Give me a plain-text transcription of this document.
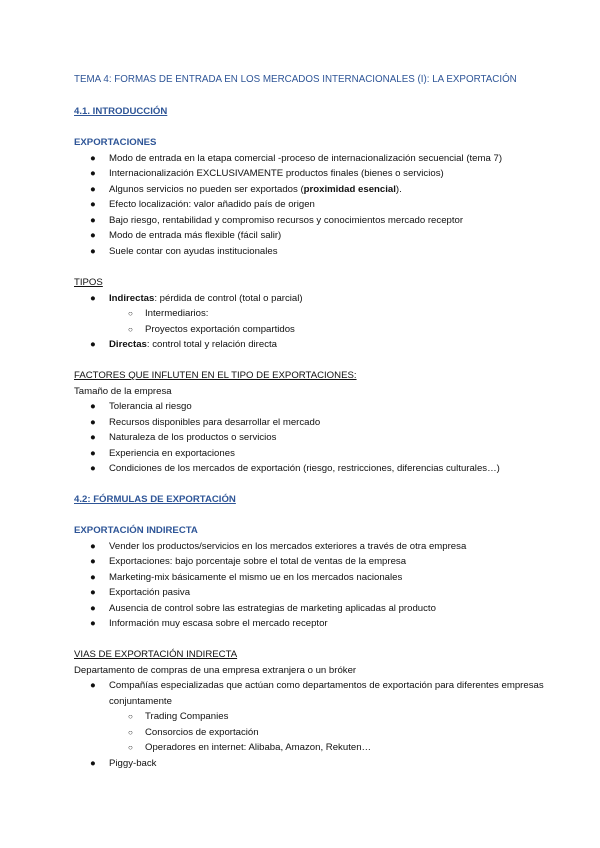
TEMA 4: FORMAS DE ENTRADA EN LOS MERCADOS INTERNACIONALES (I): LA EXPORTACIÓN
4.1. INTRODUCCIÓN

EXPORTACIONES

● Modo de entrada en la etapa comercial -proceso de internacionalización secuencial (tema 7)
● Internacionalización EXCLUSIVAMENTE productos finales (bienes o servicios)
● Algunos servicios no pueden ser exportados (proximidad esencial).
● Efecto localización: valor añadido país de origen
● Bajo riesgo, rentabilidad y compromiso recursos y conocimientos mercado receptor
● Modo de entrada más flexible (fácil salir)
● Suele contar con ayudas institucionales

TIPOS

● Indirectas: pérdida de control (total o parcial)
○ Intermediarios:
○ Proyectos exportación compartidos
● Directas: control total y relación directa

FACTORES QUE INFLUTEN EN EL TIPO DE EXPORTACIONES:

Tamaño de la empresa

● Tolerancia al riesgo
● Recursos disponibles para desarrollar el mercado
● Naturaleza de los productos o servicios
● Experiencia en exportaciones
● Condiciones de los mercados de exportación (riesgo, restricciones, diferencias culturales…)
4.2: FÓRMULAS DE EXPORTACIÓN

EXPORTACIÓN INDIRECTA

● Vender los productos/servicios en los mercados exteriores a través de otra empresa
● Exportaciones: bajo porcentaje sobre el total de ventas de la empresa
● Marketing-mix básicamente el mismo ue en los mercados nacionales
● Exportación pasiva
● Ausencia de control sobre las estrategias de marketing aplicadas al producto
● Información muy escasa sobre el mercado receptor

VIAS DE EXPORTACIÓN INDIRECTA

Departamento de compras de una empresa extranjera o un bróker

● Compañías especializadas que actúan como departamentos de exportación para diferentes empresas conjuntamente
○ Trading Companies
○ Consorcios de exportación
○ Operadores en internet: Alibaba, Amazon, Rekuten…
● Piggy-back
